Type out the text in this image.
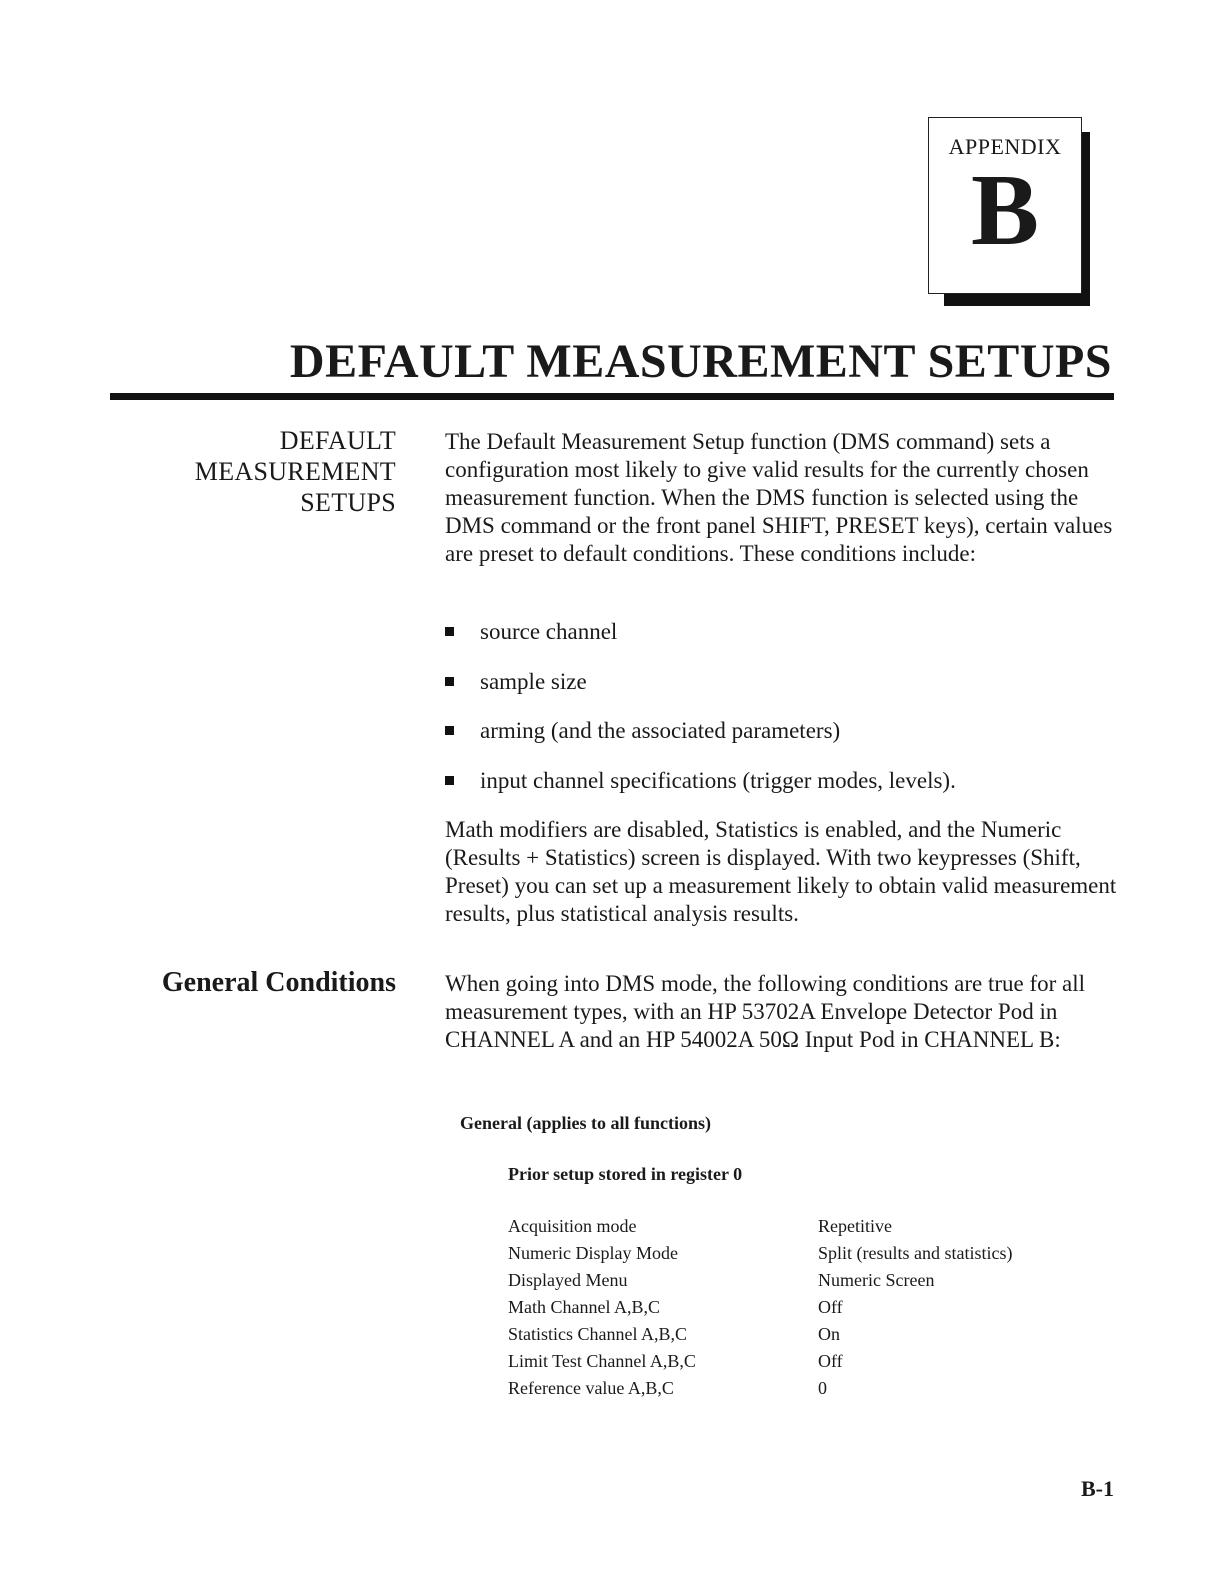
APPENDIX
B
DEFAULT MEASUREMENT SETUPS
DEFAULT
MEASUREMENT
SETUPS
The Default Measurement Setup function (DMS command) sets a configuration most likely to give valid results for the currently chosen measurement function. When the DMS function is selected using the DMS command or the front panel SHIFT, PRESET keys), certain values are preset to default conditions. These conditions include:
source channel
sample size
arming (and the associated parameters)
input channel specifications (trigger modes, levels).
Math modifiers are disabled, Statistics is enabled, and the Numeric (Results + Statistics) screen is displayed. With two keypresses (Shift, Preset) you can set up a measurement likely to obtain valid measurement results, plus statistical analysis results.
General Conditions When going into DMS mode, the following conditions are true for all measurement types, with an HP 53702A Envelope Detector Pod in CHANNEL A and an HP 54002A 50Ω Input Pod in CHANNEL B:
General (applies to all functions)
Prior setup stored in register 0
Acquisition mode	Repetitive
Numeric Display Mode	Split (results and statistics)
Displayed Menu	Numeric Screen
Math Channel A,B,C	Off
Statistics Channel A,B,C	On
Limit Test Channel A,B,C	Off
Reference value A,B,C	0
B-1
